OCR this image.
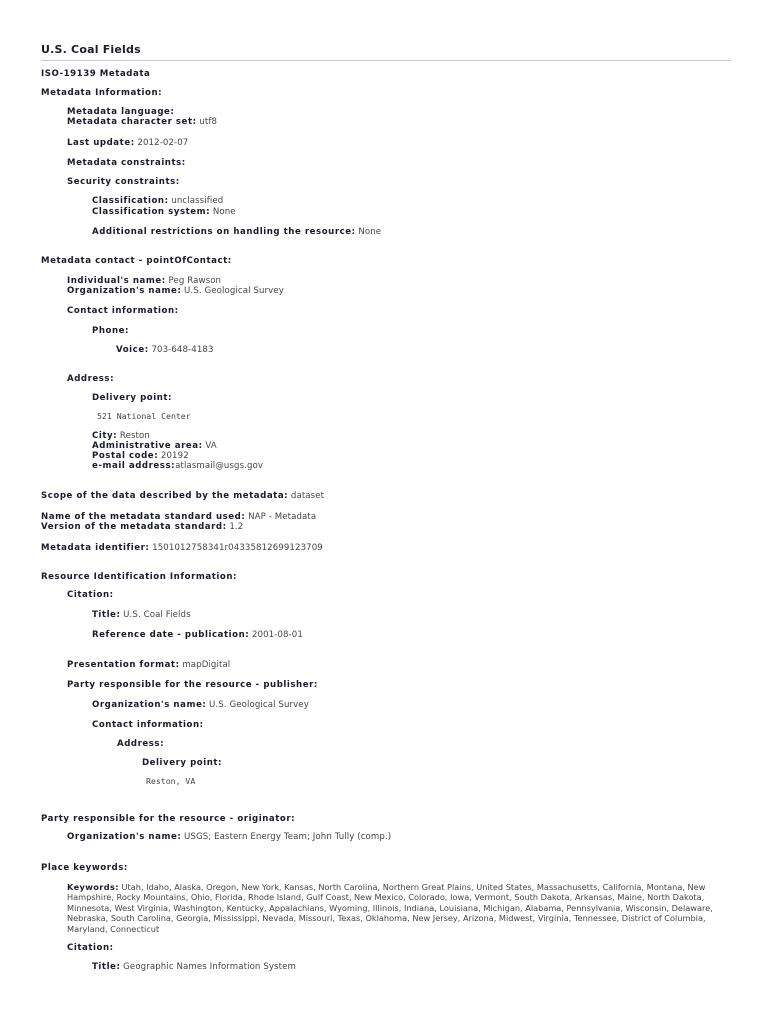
U.S. Coal Fields
ISO-19139 Metadata
Metadata Information:
Metadata language:
Metadata character set: utf8
Last update: 2012-02-07
Metadata constraints:
Security constraints:
Classification: unclassified
Classification system: None
Additional restrictions on handling the resource: None
Metadata contact - pointOfContact:
Individual's name: Peg Rawson
Organization's name: U.S. Geological Survey
Contact information:
Phone:
Voice: 703-648-4183
Address:
Delivery point:
521 National Center
City: Reston
Administrative area: VA
Postal code: 20192
e-mail address:atlasmail@usgs.gov
Scope of the data described by the metadata: dataset
Name of the metadata standard used: NAP - Metadata
Version of the metadata standard: 1.2
Metadata identifier: 1501012758341r04335812699123709
Resource Identification Information:
Citation:
Title: U.S. Coal Fields
Reference date - publication: 2001-08-01
Presentation format: mapDigital
Party responsible for the resource - publisher:
Organization's name: U.S. Geological Survey
Contact information:
Address:
Delivery point:
Reston, VA
Party responsible for the resource - originator:
Organization's name: USGS; Eastern Energy Team; John Tully (comp.)
Place keywords:
Keywords: Utah, Idaho, Alaska, Oregon, New York, Kansas, North Carolina, Northern Great Plains, United States, Massachusetts, California, Montana, New Hampshire, Rocky Mountains, Ohio, Florida, Rhode Island, Gulf Coast, New Mexico, Colorado, Iowa, Vermont, South Dakota, Arkansas, Maine, North Dakota, Minnesota, West Virginia, Washington, Kentucky, Appalachians, Wyoming, Illinois, Indiana, Louisiana, Michigan, Alabama, Pennsylvania, Wisconsin, Delaware, Nebraska, South Carolina, Georgia, Mississippi, Nevada, Missouri, Texas, Oklahoma, New Jersey, Arizona, Midwest, Virginia, Tennessee, District of Columbia, Maryland, Connecticut
Citation:
Title: Geographic Names Information System
